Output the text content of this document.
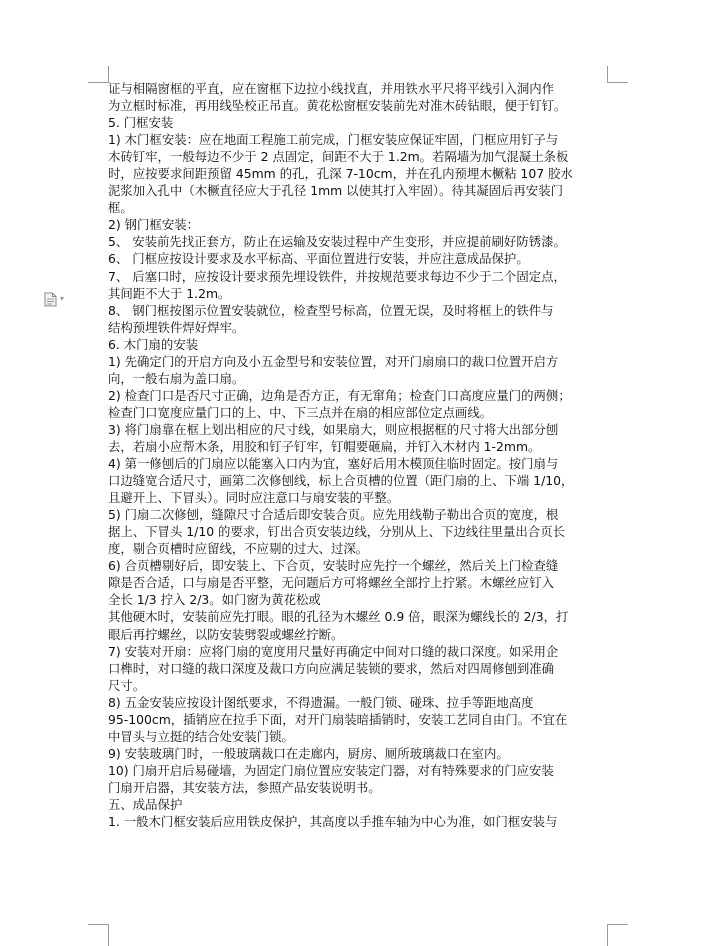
▾
证与相隔窗框的平直，应在窗框下边拉小线找直，并用铁水平尺将平线引入洞内作
为立框时标准，再用线坠校正吊直。黄花松窗框安装前先对准木砖钻眼，便于钉钉。
5. 门框安装
1) 木门框安装：应在地面工程施工前完成，门框安装应保证牢固，门框应用钉子与
木砖钉牢，一般每边不少于 2 点固定，间距不大于 1.2m。若隔墙为加气混凝土条板
时，应按要求间距预留 45mm 的孔，孔深 7-10cm，并在孔内预埋木橛粘 107 胶水
泥浆加入孔中（木橛直径应大于孔径 1mm 以使其打入牢固）。待其凝固后再安装门
框。
2) 钢门框安装：
5、 安装前先找正套方，防止在运输及安装过程中产生变形，并应提前刷好防锈漆。
6、 门框应按设计要求及水平标高、平面位置进行安装，并应注意成品保护。
7、 后塞口时，应按设计要求预先埋设铁件，并按规范要求每边不少于二个固定点，
其间距不大于 1.2m。
8、 钢门框按图示位置安装就位，检查型号标高，位置无误，及时将框上的铁件与
结构预埋铁件焊好焊牢。
6. 木门扇的安装
1) 先确定门的开启方向及小五金型号和安装位置，对开门扇扇口的裁口位置开启方
向，一般右扇为盖口扇。
2) 检查门口是否尺寸正确，边角是否方正，有无窜角；检查门口高度应量门的两侧；
检查门口宽度应量门口的上、中、下三点并在扇的相应部位定点画线。
3) 将门扇靠在框上划出相应的尺寸线，如果扇大，则应根据框的尺寸将大出部分刨
去，若扇小应帮木条，用胶和钉子钉牢，钉帽要砸扁，并钉入木材内 1-2mm。
4) 第一修刨后的门扇应以能塞入口内为宜，塞好后用木模顶住临时固定。按门扇与
口边缝宽合适尺寸，画第二次修刨线，标上合页槽的位置（距门扇的上、下端 1/10，
且避开上、下冒头）。同时应注意口与扇安装的平整。
5) 门扇二次修刨，缝隙尺寸合适后即安装合页。应先用线勒子勒出合页的宽度，根
据上、下冒头 1/10 的要求，钉出合页安装边线，分别从上、下边线往里量出合页长
度，剔合页槽时应留线，不应剔的过大、过深。
6) 合页槽剔好后，即安装上、下合页，安装时应先拧一个螺丝，然后关上门检查缝
隙是否合适，口与扇是否平整，无问题后方可将螺丝全部拧上拧紧。木螺丝应钉入
全长 1/3 拧入 2/3。如门窗为黄花松或
其他硬木时，安装前应先打眼。眼的孔径为木螺丝 0.9 倍，眼深为螺线长的 2/3，打
眼后再拧螺丝，以防安装劈裂或螺丝拧断。
7) 安装对开扇：应将门扇的宽度用尺量好再确定中间对口缝的裁口深度。如采用企
口榫时，对口缝的裁口深度及裁口方向应满足装锁的要求，然后对四周修刨到准确
尺寸。
8) 五金安装应按设计图纸要求，不得遗漏。一般门锁、碰珠、拉手等距地高度
95-100cm，插销应在拉手下面，对开门扇装暗插销时，安装工艺同自由门。不宜在
中冒头与立挺的结合处安装门锁。
9) 安装玻璃门时，一般玻璃裁口在走廊内，厨房、厕所玻璃裁口在室内。
10) 门扇开启后易碰墙，为固定门扇位置应安装定门器，对有特殊要求的门应安装
门扇开启器，其安装方法，参照产品安装说明书。
五、成品保护
1. 一般木门框安装后应用铁皮保护，其高度以手推车轴为中心为准，如门框安装与
